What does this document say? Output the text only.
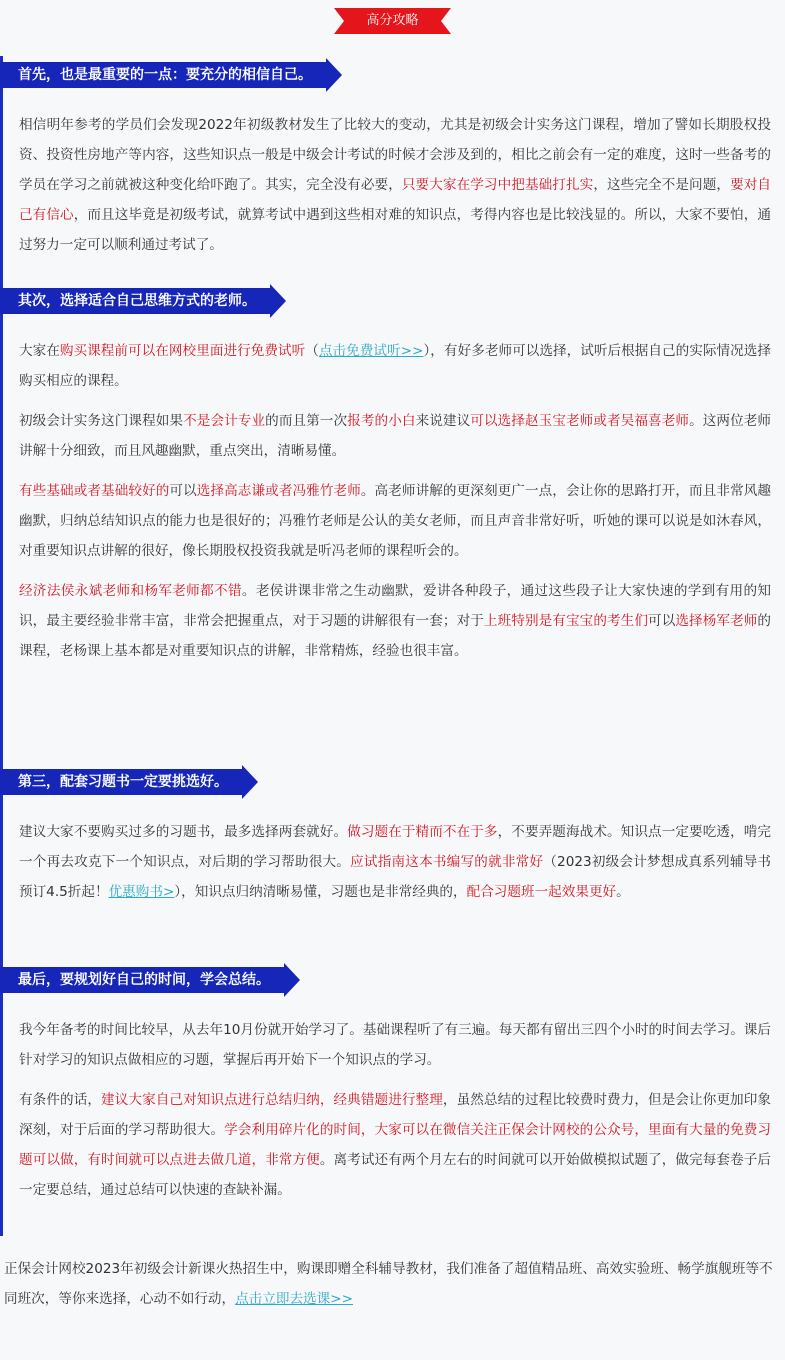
高分攻略
首先，也是最重要的一点：要充分的相信自己。

相信明年参考的学员们会发现2022年初级教材发生了比较大的变动，尤其是初级会计实务这门课程，增加了譬如长期股权投资、投资性房地产等内容，这些知识点一般是中级会计考试的时候才会涉及到的，相比之前会有一定的难度，这时一些备考的学员在学习之前就被这种变化给吓跑了。其实，完全没有必要，只要大家在学习中把基础打扎实，这些完全不是问题，要对自己有信心，而且这毕竟是初级考试，就算考试中遇到这些相对难的知识点，考得内容也是比较浅显的。所以，大家不要怕，通过努力一定可以顺利通过考试了。

其次，选择适合自己思维方式的老师。

大家在购买课程前可以在网校里面进行免费试听（点击免费试听>>），有好多老师可以选择，试听后根据自己的实际情况选择购买相应的课程。

初级会计实务这门课程如果不是会计专业的而且第一次报考的小白来说建议可以选择赵玉宝老师或者吴福喜老师。这两位老师讲解十分细致，而且风趣幽默，重点突出，清晰易懂。

有些基础或者基础较好的可以选择高志谦或者冯雅竹老师。高老师讲解的更深刻更广一点，会让你的思路打开，而且非常风趣幽默，归纳总结知识点的能力也是很好的；冯雅竹老师是公认的美女老师，而且声音非常好听，听她的课可以说是如沐春风，对重要知识点讲解的很好，像长期股权投资我就是听冯老师的课程听会的。

经济法侯永斌老师和杨军老师都不错。老侯讲课非常之生动幽默，爱讲各种段子，通过这些段子让大家快速的学到有用的知识，最主要经验非常丰富，非常会把握重点，对于习题的讲解很有一套；对于上班特别是有宝宝的考生们可以选择杨军老师的课程，老杨课上基本都是对重要知识点的讲解，非常精炼，经验也很丰富。

第三，配套习题书一定要挑选好。

建议大家不要购买过多的习题书，最多选择两套就好。做习题在于精而不在于多，不要弄题海战术。知识点一定要吃透，啃完一个再去攻克下一个知识点，对后期的学习帮助很大。应试指南这本书编写的就非常好（2023初级会计梦想成真系列辅导书预订4.5折起！优惠购书>），知识点归纳清晰易懂，习题也是非常经典的，配合习题班一起效果更好。

最后，要规划好自己的时间，学会总结。

我今年备考的时间比较早，从去年10月份就开始学习了。基础课程听了有三遍。每天都有留出三四个小时的时间去学习。课后针对学习的知识点做相应的习题，掌握后再开始下一个知识点的学习。

有条件的话，建议大家自己对知识点进行总结归纳，经典错题进行整理，虽然总结的过程比较费时费力，但是会让你更加印象深刻，对于后面的学习帮助很大。学会利用碎片化的时间，大家可以在微信关注正保会计网校的公众号，里面有大量的免费习题可以做，有时间就可以点进去做几道，非常方便。离考试还有两个月左右的时间就可以开始做模拟试题了，做完每套卷子后一定要总结，通过总结可以快速的查缺补漏。

正保会计网校2023年初级会计新课火热招生中，购课即赠全科辅导教材，我们准备了超值精品班、高效实验班、畅学旗舰班等不同班次，等你来选择，心动不如行动，点击立即去选课>>
